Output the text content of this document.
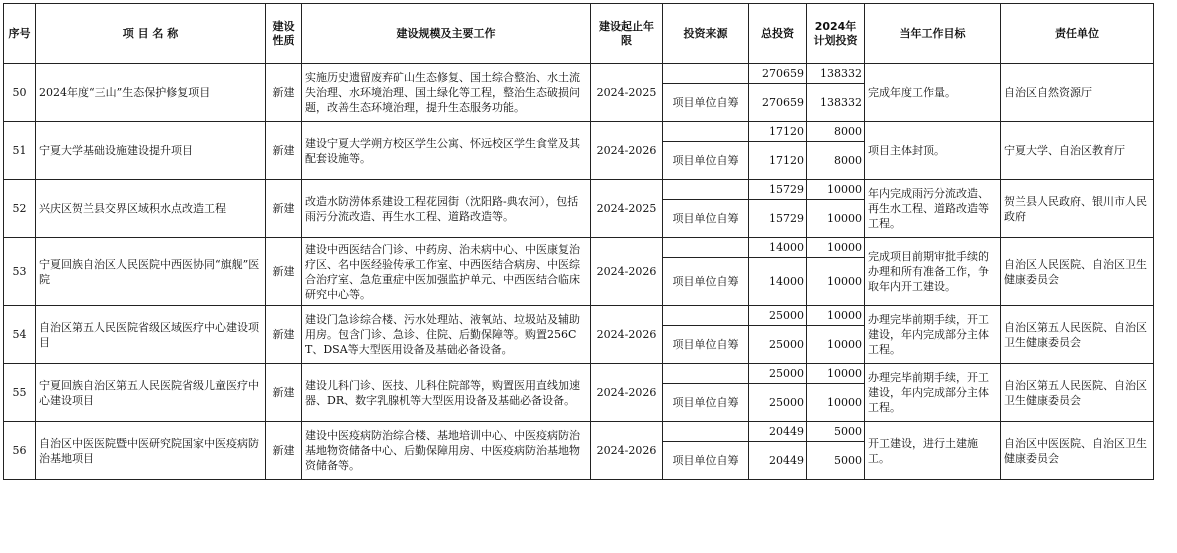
序号	项 目 名 称	建设性质	建设规模及主要工作	建设起止年限	投资来源	总投资	2024年计划投资	当年工作目标	责任单位
50	2024年度“三山”生态保护修复项目	新建	实施历史遗留废弃矿山生态修复、国土综合整治、水土流失治理、水环境治理、国土绿化等工程，整治生态破损问题，改善生态环境治理，提升生态服务功能。	2024-2025		270659	138332	完成年度工作量。	自治区自然资源厅
					项目单位自筹	270659	138332		
51	宁夏大学基础设施建设提升项目	新建	建设宁夏大学朔方校区学生公寓、怀远校区学生食堂及其配套设施等。	2024-2026		17120	8000	项目主体封顶。	宁夏大学、自治区教育厅
					项目单位自筹	17120	8000		
52	兴庆区贺兰县交界区域积水点改造工程	新建	改造水防涝体系建设工程花园街（沈阳路-典农河），包括雨污分流改造、再生水工程、道路改造等。	2024-2025		15729	10000	年内完成雨污分流改造、再生水工程、道路改造等工程。	贺兰县人民政府、银川市人民政府
					项目单位自筹	15729	10000		
53	宁夏回族自治区人民医院中西医协同“旗舰”医院	新建	建设中西医结合门诊、中药房、治未病中心、中医康复治疗区、名中医经验传承工作室、中西医结合病房、中医综合治疗室、急危重症中医加强监护单元、中西医结合临床研究中心等。	2024-2026		14000	10000	完成项目前期审批手续的办理和所有准备工作，争取年内开工建设。	自治区人民医院、自治区卫生健康委员会
					项目单位自筹	14000	10000		
54	自治区第五人民医院省级区域医疗中心建设项目	新建	建设门急诊综合楼、污水处理站、液氧站、垃圾站及辅助用房。包含门诊、急诊、住院、后勤保障等。购置256CT、DSA等大型医用设备及基础必备设备。	2024-2026		25000	10000	办理完毕前期手续，开工建设，年内完成部分主体工程。	自治区第五人民医院、自治区卫生健康委员会
					项目单位自筹	25000	10000		
55	宁夏回族自治区第五人民医院省级儿童医疗中心建设项目	新建	建设儿科门诊、医技、儿科住院部等，购置医用直线加速器、DR、数字乳腺机等大型医用设备及基础必备设备。	2024-2026		25000	10000	办理完毕前期手续，开工建设，年内完成部分主体工程。	自治区第五人民医院、自治区卫生健康委员会
					项目单位自筹	25000	10000		
56	自治区中医医院暨中医研究院国家中医疫病防治基地项目	新建	建设中医疫病防治综合楼、基地培训中心、中医疫病防治基地物资储备中心、后勤保障用房、中医疫病防治基地物资储备等。	2024-2026		20449	5000	开工建设，进行土建施工。	自治区中医医院、自治区卫生健康委员会
					项目单位自筹	20449	5000		
